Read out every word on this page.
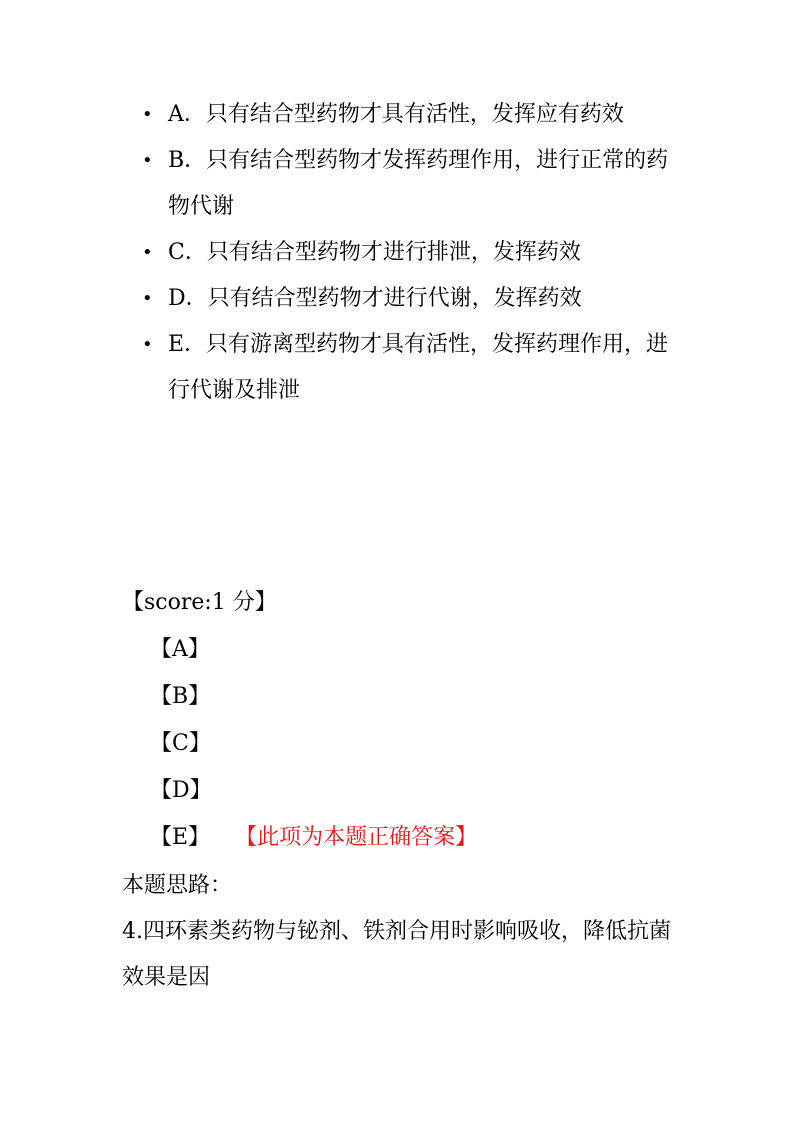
• A．只有结合型药物才具有活性，发挥应有药效
• B．只有结合型药物才发挥药理作用，进行正常的药物代谢
• C．只有结合型药物才进行排泄，发挥药效
• D．只有结合型药物才进行代谢，发挥药效
• E．只有游离型药物才具有活性，发挥药理作用，进行代谢及排泄
【score:1 分】
【A】
【B】
【C】
【D】
【E】 【此项为本题正确答案】
本题思路：
4.四环素类药物与铋剂、铁剂合用时影响吸收，降低抗菌效果是因
